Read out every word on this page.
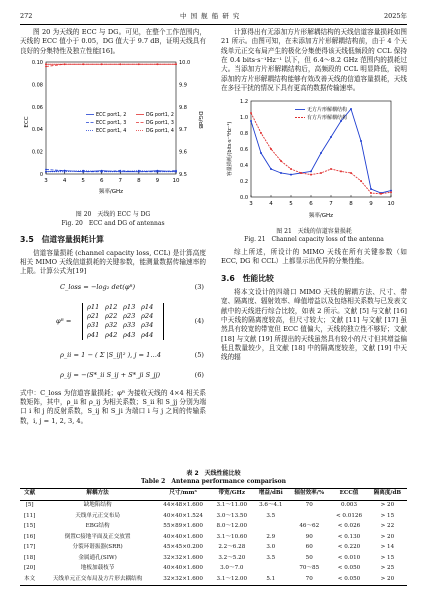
272	中 国 舰 船 研 究	2025年

图 20 为天线的 ECC 与 DG。可见，在整个工作范围内，天线的 ECC 值小于 0.05，DG 值大于 9.7 dB，证明天线具有良好的分集特性及独立性能[16]。

3	4	5	6	7	8	9 10
0
0.02
0.04
0.06
0.08
0.10
9.5
9.6
9.7
9.8
9.9
10.0
ECC	DG/dB
频率/GHz
ECC port1, 2
ECC port1, 3
ECC port1, 4
DG port1, 2
DG port1, 3
DG port1, 4
图 20　天线的 ECC 与 DG
Fig. 20　ECC and DG of antennas
3.5　信道容量损耗计算

信道容量损耗 (channel capacity loss, CCL) 是计算高度相关 MIMO 天线信道损耗的关键参数，能测量数据传输速率的上限。计算公式为[19]

C_loss = −log₂ det(φᴿ)	(3)
φᴿ =
ρ11 ρ12 ρ13 ρ14
ρ21 ρ22 ρ23 ρ24
ρ31 ρ32 ρ33 ρ34
ρ41 ρ42 ρ43 ρ44
(4)
ρ_ii = 1 − ( Σ |S_ij|² ), j = 1…4	(5)
ρ_ij = −(S*_ii S_ij + S*_ji S_jj)	(6)

式中：C_loss 为信道容量损耗；φᴿ 为接收天线的 4×4 相关系数矩阵，其中，ρ_ii 和 ρ_ij 为相关系数；S_ii 和 S_jj 分别为端口 i 和 j 的反射系数，S_ij 和 S_ji 为端口 i 与 j 之间的传输系数，i, j = 1, 2, 3, 4。

计算得出有无添加方片形解耦结构的天线信道容量损耗如图 21 所示。由图可知，在未添加方片形解耦结构前，由于 4 个天线单元正交布局产生的极化分集使得该天线低频段的 CCL 保持在 0.4 bits·s⁻¹Hz⁻¹ 以下，但 6.4～8.2 GHz 范围内的损耗过大。当添加方片形解耦结构后，高频段的 CCL 明显降低，说明添加的方片形解耦结构能够有效改善天线的信道容量损耗，天线在多径干扰的情况下具有更高的数据传输速率。

3	4	5	6	7	8	9	10
0.0
0.2
0.4
0.6
0.8
1.0
1.2
容量损耗/(bits·s⁻¹Hz⁻¹)
频率/GHz
无方片形解耦结构
有方片形解耦结构
图 21　天线的信道容量损耗
Fig. 21　Channel capacity loss of the antenna

综上所述，所设计的 MIMO 天线在所有关键参数（如 ECC, DG 和 CCL）上都显示出优异的分集性能。

3.6　性能比较

将本文设计的四端口 MIMO 天线的解耦方法、尺寸、带宽、隔离度、辐射效率、峰值增益以及包络相关系数与已发表文献中的天线进行综合比较，如表 2 所示。文献 [5] 与文献 [16] 中天线的隔离度较高，但尺寸较大；文献 [11] 与文献 [17] 虽然具有较宽的带宽但 ECC 值偏大，天线的独立性不够好；文献 [18] 与文献 [19] 所提出的天线虽然具有较小的尺寸但其增益偏低且数量较少，且文献 [18] 中的隔离度较差，文献 [19] 中天线的辐

表 2　天线性能比较
Table 2　Antenna performance comparison
文献	解耦方法	尺寸/mm³	带宽/GHz	增益/dBi	辐射效率/%	ECC值	隔离度/dB
[5]	缺地陷结构	44×48×1.600	3.1～11.00	3.6～4.1	70	0.003	> 20
[11]	天线单元正交布局	40×40×1.524	3.0～13.50	3.5		< 0.0126	> 15
[15]	EBG结构	55×89×1.600	8.0～12.00		46～62	< 0.026	> 22
[16]	倒置C接地平面及正交放置	40×40×1.600	3.1～10.60	2.9	90	< 0.130	> 20
[17]	分裂环谐振器(SRR)	45×45×0.200	2.2～6.28	3.0	60	< 0.220	> 14
[18]	金属通孔(SIW)	32×32×1.600	3.2～5.20	3.5	50	< 0.010	> 15
[20]	地板加载枝节	40×40×1.600	3.0～7.0		70～85	< 0.050	> 25
本文	天线单元正交布局及方片形去耦结构	32×32×1.600	3.1～12.00	5.1	70	< 0.050	> 20
